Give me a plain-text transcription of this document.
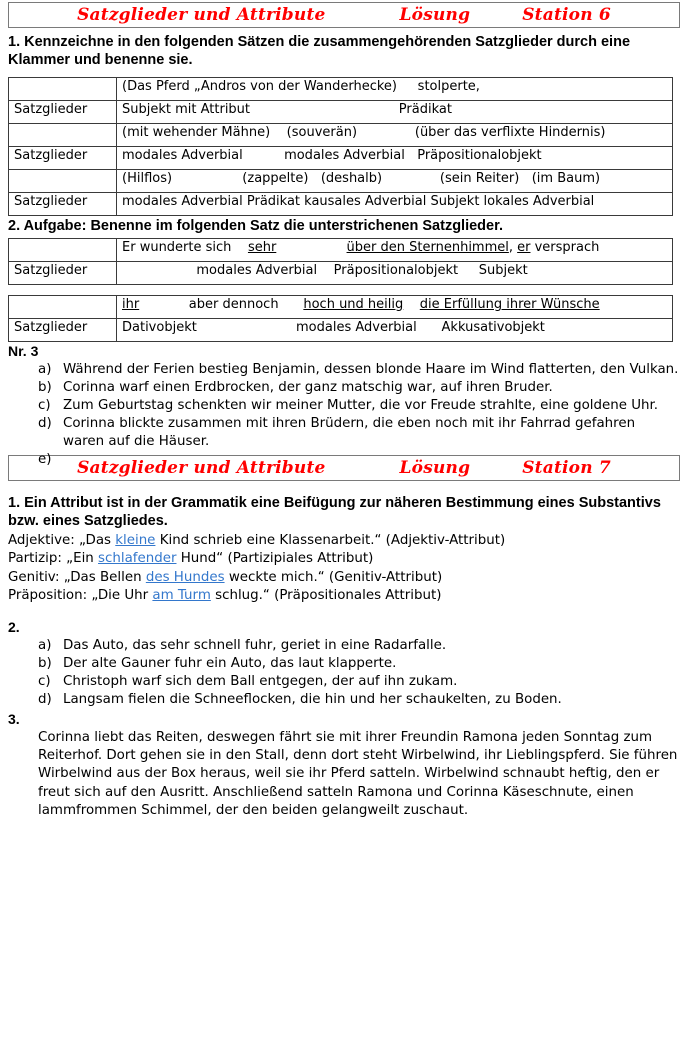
Satzglieder und Attribute	Lösung	Station 6
1. Kennzeichne in den folgenden Sätzen die zusammengehörenden Satzglieder durch eine Klammer und benenne sie.
	(Das Pferd „Andros von der Wanderhecke)     stolperte,
Satzglieder	Subjekt mit Attribut                                    Prädikat
	(mit wehender Mähne)    (souverän)              (über das verflixte Hindernis)
Satzglieder	modales Adverbial          modales Adverbial   Präpositionalobjekt
	(Hilflos)                 (zappelte)   (deshalb)              (sein Reiter)   (im Baum)
Satzglieder	modales Adverbial Prädikat kausales Adverbial Subjekt lokales Adverbial
2. Aufgabe: Benenne im folgenden Satz die unterstrichenen Satzglieder.
	Er wunderte sich    sehr über den Sternenhimmel, er versprach
Satzglieder	modales Adverbial    Präpositionalobjekt     Subjekt
	ihr aber dennoch      hoch und heilig die Erfüllung ihrer Wünsche
Satzglieder	Dativobjekt                        modales Adverbial      Akkusativobjekt
Nr. 3
a) Während der Ferien bestieg Benjamin, dessen blonde Haare im Wind flatterten, den Vulkan.
b) Corinna warf einen Erdbrocken, der ganz matschig war, auf ihren Bruder.
c) Zum Geburtstag schenkten wir meiner Mutter, die vor Freude strahlte, eine goldene Uhr.
d) Corinna blickte zusammen mit ihren Brüdern, die eben noch mit ihr Fahrrad gefahren waren auf die Häuser.
e) Satzglieder und Attribute	Lösung	Station 7
1. Ein Attribut ist in der Grammatik eine Beifügung zur näheren Bestimmung eines Substantivs bzw. eines Satzgliedes.
Adjektive: „Das kleine Kind schrieb eine Klassenarbeit.“ (Adjektiv-Attribut)
Partizip: „Ein schlafender Hund“ (Partizipiales Attribut)
Genitiv: „Das Bellen des Hundes weckte mich.“ (Genitiv-Attribut)
Präposition: „Die Uhr am Turm schlug.“ (Präpositionales Attribut)
2.
a) Das Auto, das sehr schnell fuhr, geriet in eine Radarfalle.
b) Der alte Gauner fuhr ein Auto, das laut klapperte.
c) Christoph warf sich dem Ball entgegen, der auf ihn zukam.
d) Langsam fielen die Schneeflocken, die hin und her schaukelten, zu Boden.
3.
Corinna liebt das Reiten, deswegen fährt sie mit ihrer Freundin Ramona jeden Sonntag zum Reiterhof. Dort gehen sie in den Stall, denn dort steht Wirbelwind, ihr Lieblingspferd. Sie führen Wirbelwind aus der Box heraus, weil sie ihr Pferd satteln. Wirbelwind schnaubt heftig, den er freut sich auf den Ausritt. Anschließend satteln Ramona und Corinna Käseschnute, einen lammfrommen Schimmel, der den beiden gelangweilt zuschaut.
